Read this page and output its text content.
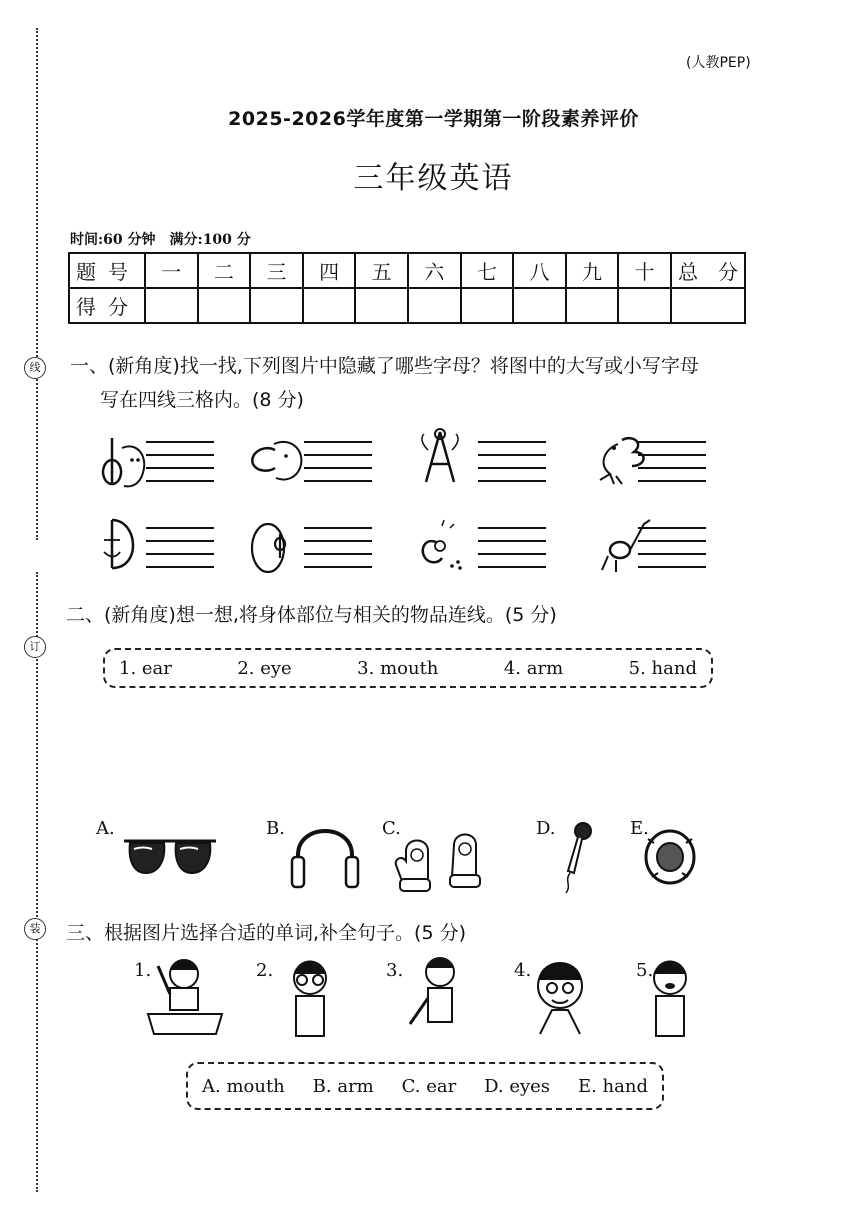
线
订
装
(人教PEP)
2025-2026学年度第一学期第一阶段素养评价
三年级英语
时间:60 分钟　满分:100 分
题号	一	二	三	四	五	六	七	八	九	十	总　分
得分											
一、(新角度)找一找,下列图片中隐藏了哪些字母？将图中的大写或小写字母
写在四线三格内。(8 分)
二、(新角度)想一想,将身体部位与相关的物品连线。(5 分)
1. ear	2. eye	3. mouth	4. arm	5. hand
A.	B.	C.	D.	E.
三、根据图片选择合适的单词,补全句子。(5 分)
1.	2.	3.	4.	5.
A. mouth B. arm C. ear D. eyes E. hand
